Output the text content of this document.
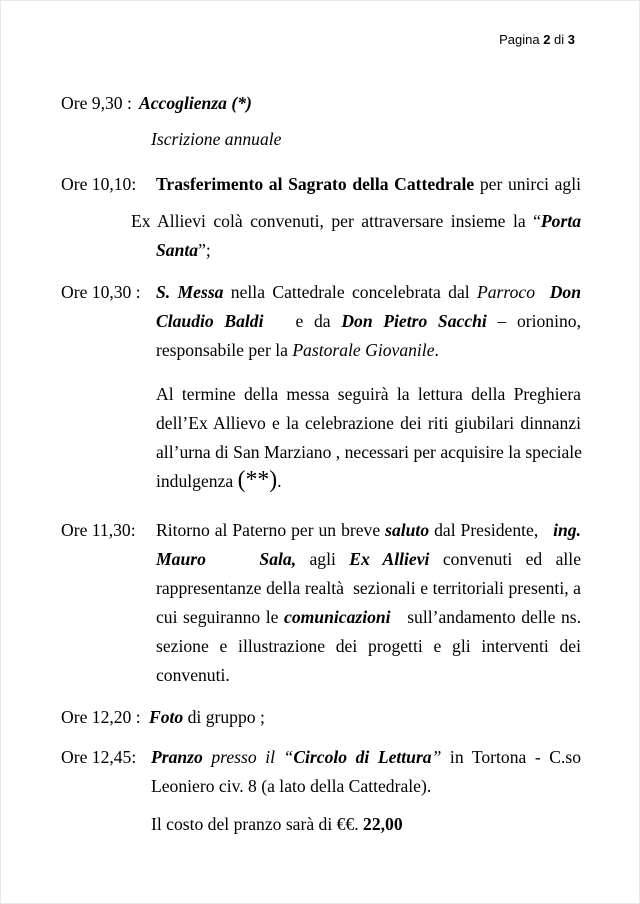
Pagina 2 di 3
Ore 9,30 : Accoglienza (*)
Iscrizione annuale
Ore 10,10: Trasferimento al Sagrato della Cattedrale per unirci agli
Ex Allievi colà convenuti, per attraversare insieme la “Porta
Santa”;
Ore 10,30 : S. Messa nella Cattedrale concelebrata dal Parroco Don
Claudio Baldi   e da Don Pietro Sacchi – orionino,
responsabile per la Pastorale Giovanile.
Al termine della messa seguirà la lettura della Preghiera
dell’Ex Allievo e la celebrazione dei riti giubilari dinnanzi
all’urna di San Marziano , necessari per acquisire la speciale
indulgenza (**).
Ore 11,30: Ritorno al Paterno per un breve saluto dal Presidente,   ing.
Mauro    Sala, agli Ex Allievi convenuti ed alle
rappresentanze della realtà  sezionali e territoriali presenti, a
cui seguiranno le comunicazioni   sull’andamento delle ns.
sezione e illustrazione dei progetti e gli interventi dei
convenuti.
Ore 12,20 : Foto di gruppo ;
Ore 12,45: Pranzo presso il “Circolo di Lettura” in Tortona - C.so
Leoniero civ. 8 (a lato della Cattedrale).
Il costo del pranzo sarà di €€. 22,00
